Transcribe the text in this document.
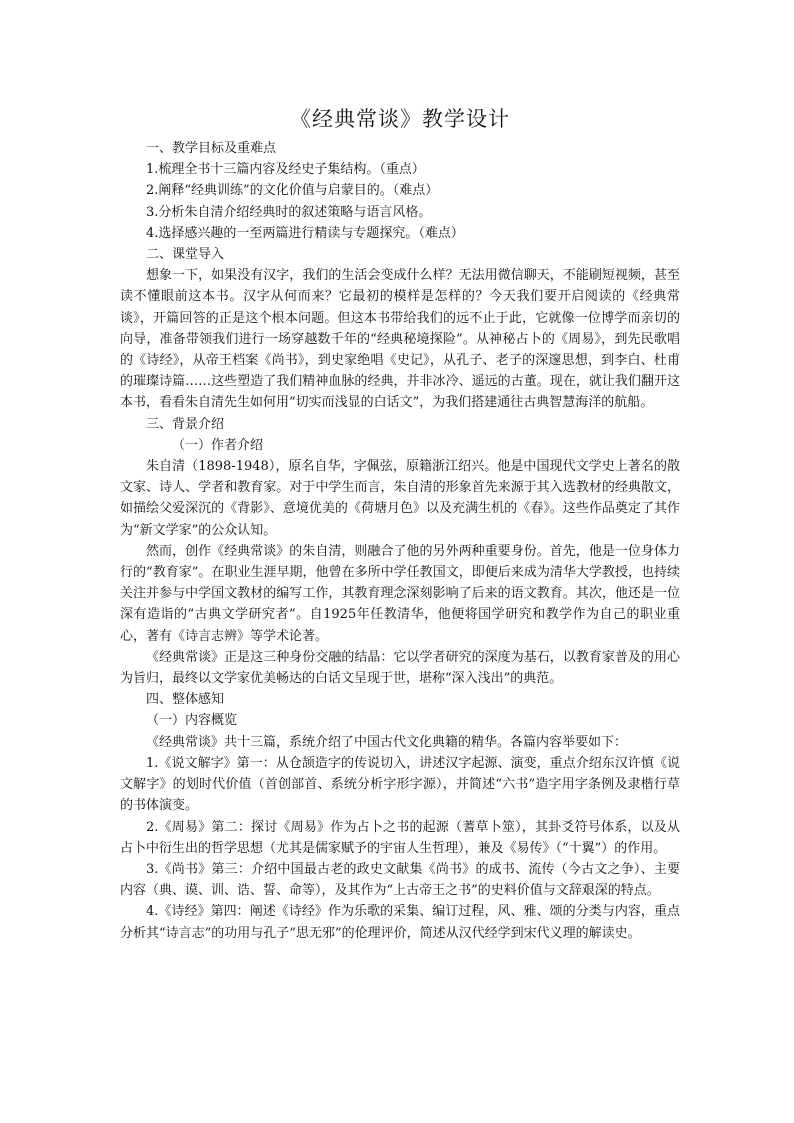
《经典常谈》教学设计

一、教学目标及重难点

1.梳理全书十三篇内容及经史子集结构。（重点）

2.阐释“经典训练”的文化价值与启蒙目的。（难点）

3.分析朱自清介绍经典时的叙述策略与语言风格。

4.选择感兴趣的一至两篇进行精读与专题探究。（难点）

二、课堂导入

想象一下，如果没有汉字，我们的生活会变成什么样？无法用微信聊天，不能刷短视频，甚至读不懂眼前这本书。汉字从何而来？它最初的模样是怎样的？今天我们要开启阅读的《经典常谈》，开篇回答的正是这个根本问题。但这本书带给我们的远不止于此，它就像一位博学而亲切的向导，准备带领我们进行一场穿越数千年的“经典秘境探险”。从神秘占卜的《周易》，到先民歌唱的《诗经》，从帝王档案《尚书》，到史家绝唱《史记》，从孔子、老子的深邃思想，到李白、杜甫的璀璨诗篇……这些塑造了我们精神血脉的经典，并非冰冷、遥远的古董。现在，就让我们翻开这本书，看看朱自清先生如何用“切实而浅显的白话文”，为我们搭建通往古典智慧海洋的航船。

三、背景介绍

（一）作者介绍

朱自清（1898-1948），原名自华，字佩弦，原籍浙江绍兴。他是中国现代文学史上著名的散文家、诗人、学者和教育家。对于中学生而言，朱自清的形象首先来源于其入选教材的经典散文，如描绘父爱深沉的《背影》、意境优美的《荷塘月色》以及充满生机的《春》。这些作品奠定了其作为“新文学家”的公众认知。

然而，创作《经典常谈》的朱自清，则融合了他的另外两种重要身份。首先，他是一位身体力行的“教育家”。在职业生涯早期，他曾在多所中学任教国文，即便后来成为清华大学教授，也持续关注并参与中学国文教材的编写工作，其教育理念深刻影响了后来的语文教育。其次，他还是一位深有造诣的“古典文学研究者”。自1925年任教清华，他便将国学研究和教学作为自己的职业重心，著有《诗言志辨》等学术论著。

《经典常谈》正是这三种身份交融的结晶：它以学者研究的深度为基石，以教育家普及的用心为旨归，最终以文学家优美畅达的白话文呈现于世，堪称“深入浅出”的典范。

四、整体感知

（一）内容概览

《经典常谈》共十三篇，系统介绍了中国古代文化典籍的精华。各篇内容举要如下：

1.《说文解字》第一：从仓颉造字的传说切入，讲述汉字起源、演变，重点介绍东汉许慎《说文解字》的划时代价值（首创部首、系统分析字形字源），并简述“六书”造字用字条例及隶楷行草的书体演变。

2.《周易》第二：探讨《周易》作为占卜之书的起源（蓍草卜筮），其卦爻符号体系，以及从占卜中衍生出的哲学思想（尤其是儒家赋予的宇宙人生哲理），兼及《易传》（“十翼”）的作用。

3.《尚书》第三：介绍中国最古老的政史文献集《尚书》的成书、流传（今古文之争）、主要内容（典、谟、训、诰、誓、命等），及其作为“上古帝王之书”的史料价值与文辞艰深的特点。

4.《诗经》第四：阐述《诗经》作为乐歌的采集、编订过程，风、雅、颂的分类与内容，重点分析其“诗言志”的功用与孔子“思无邪”的伦理评价，简述从汉代经学到宋代义理的解读史。
